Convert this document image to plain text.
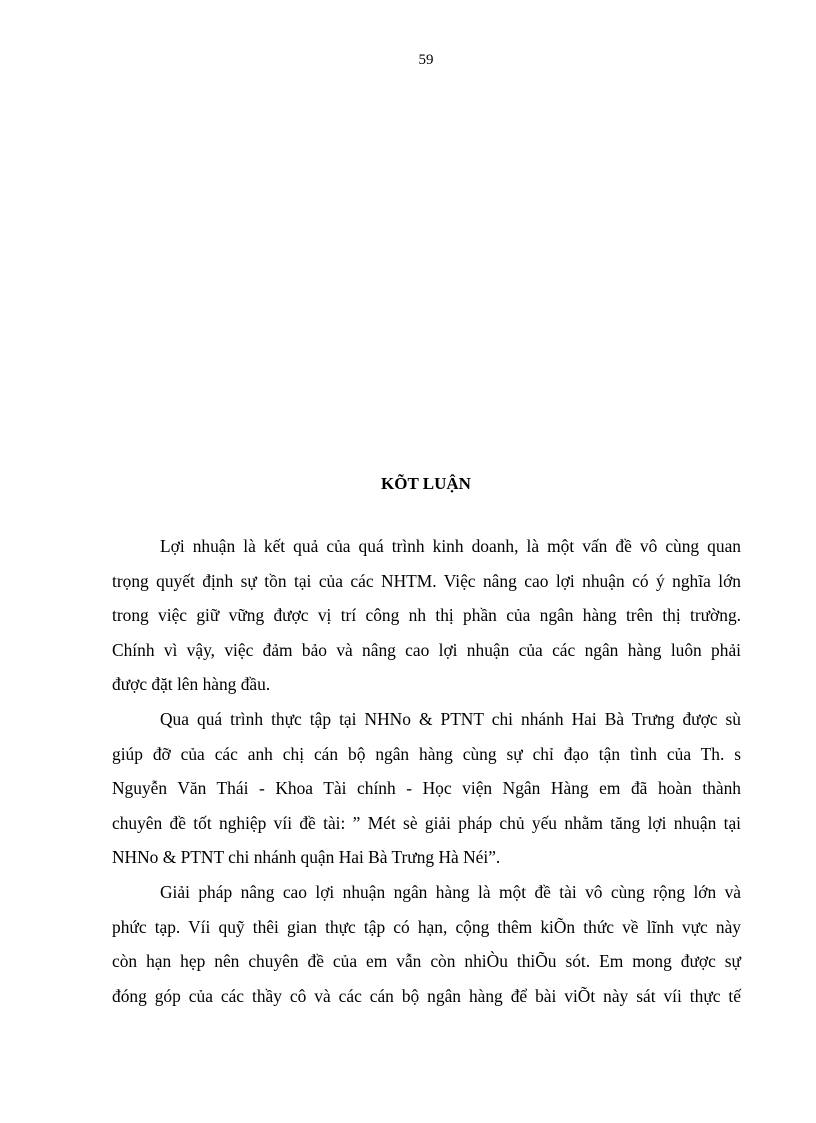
59
KÕT LUẬN
Lợi nhuận là kết quả của quá trình kinh doanh, là một vấn đề vô cùng quan
trọng quyết định sự tồn tại của các NHTM. Việc nâng cao lợi nhuận có ý nghĩa lớn
trong việc giữ vững được vị trí công nh thị phần của ngân hàng trên thị trường.
Chính vì vậy, việc đảm bảo và nâng cao lợi nhuận của các ngân hàng luôn phải
được đặt lên hàng đầu.
Qua quá trình thực tập tại NHNo & PTNT chi nhánh Hai Bà Trưng được sù
giúp đỡ của các anh chị cán bộ ngân hàng cùng sự chỉ đạo tận tình của Th. s
Nguyễn Văn Thái - Khoa Tài chính - Học viện Ngân Hàng em đã hoàn thành
chuyên đề tốt nghiệp víi đề tài: ” Mét sè giải pháp chủ yếu nhằm tăng lợi nhuận tại
NHNo & PTNT chi nhánh quận Hai Bà Trưng Hà Néi”.
Giải pháp nâng cao lợi nhuận ngân hàng là một đề tài vô cùng rộng lớn và
phức tạp. Víi quỹ thêi gian thực tập có hạn, cộng thêm kiÕn thức về lĩnh vực này
còn hạn hẹp nên chuyên đề của em vẫn còn nhiÒu thiÕu sót. Em mong được sự
đóng góp của các thầy cô và các cán bộ ngân hàng để bài viÕt này sát víi thực tế
